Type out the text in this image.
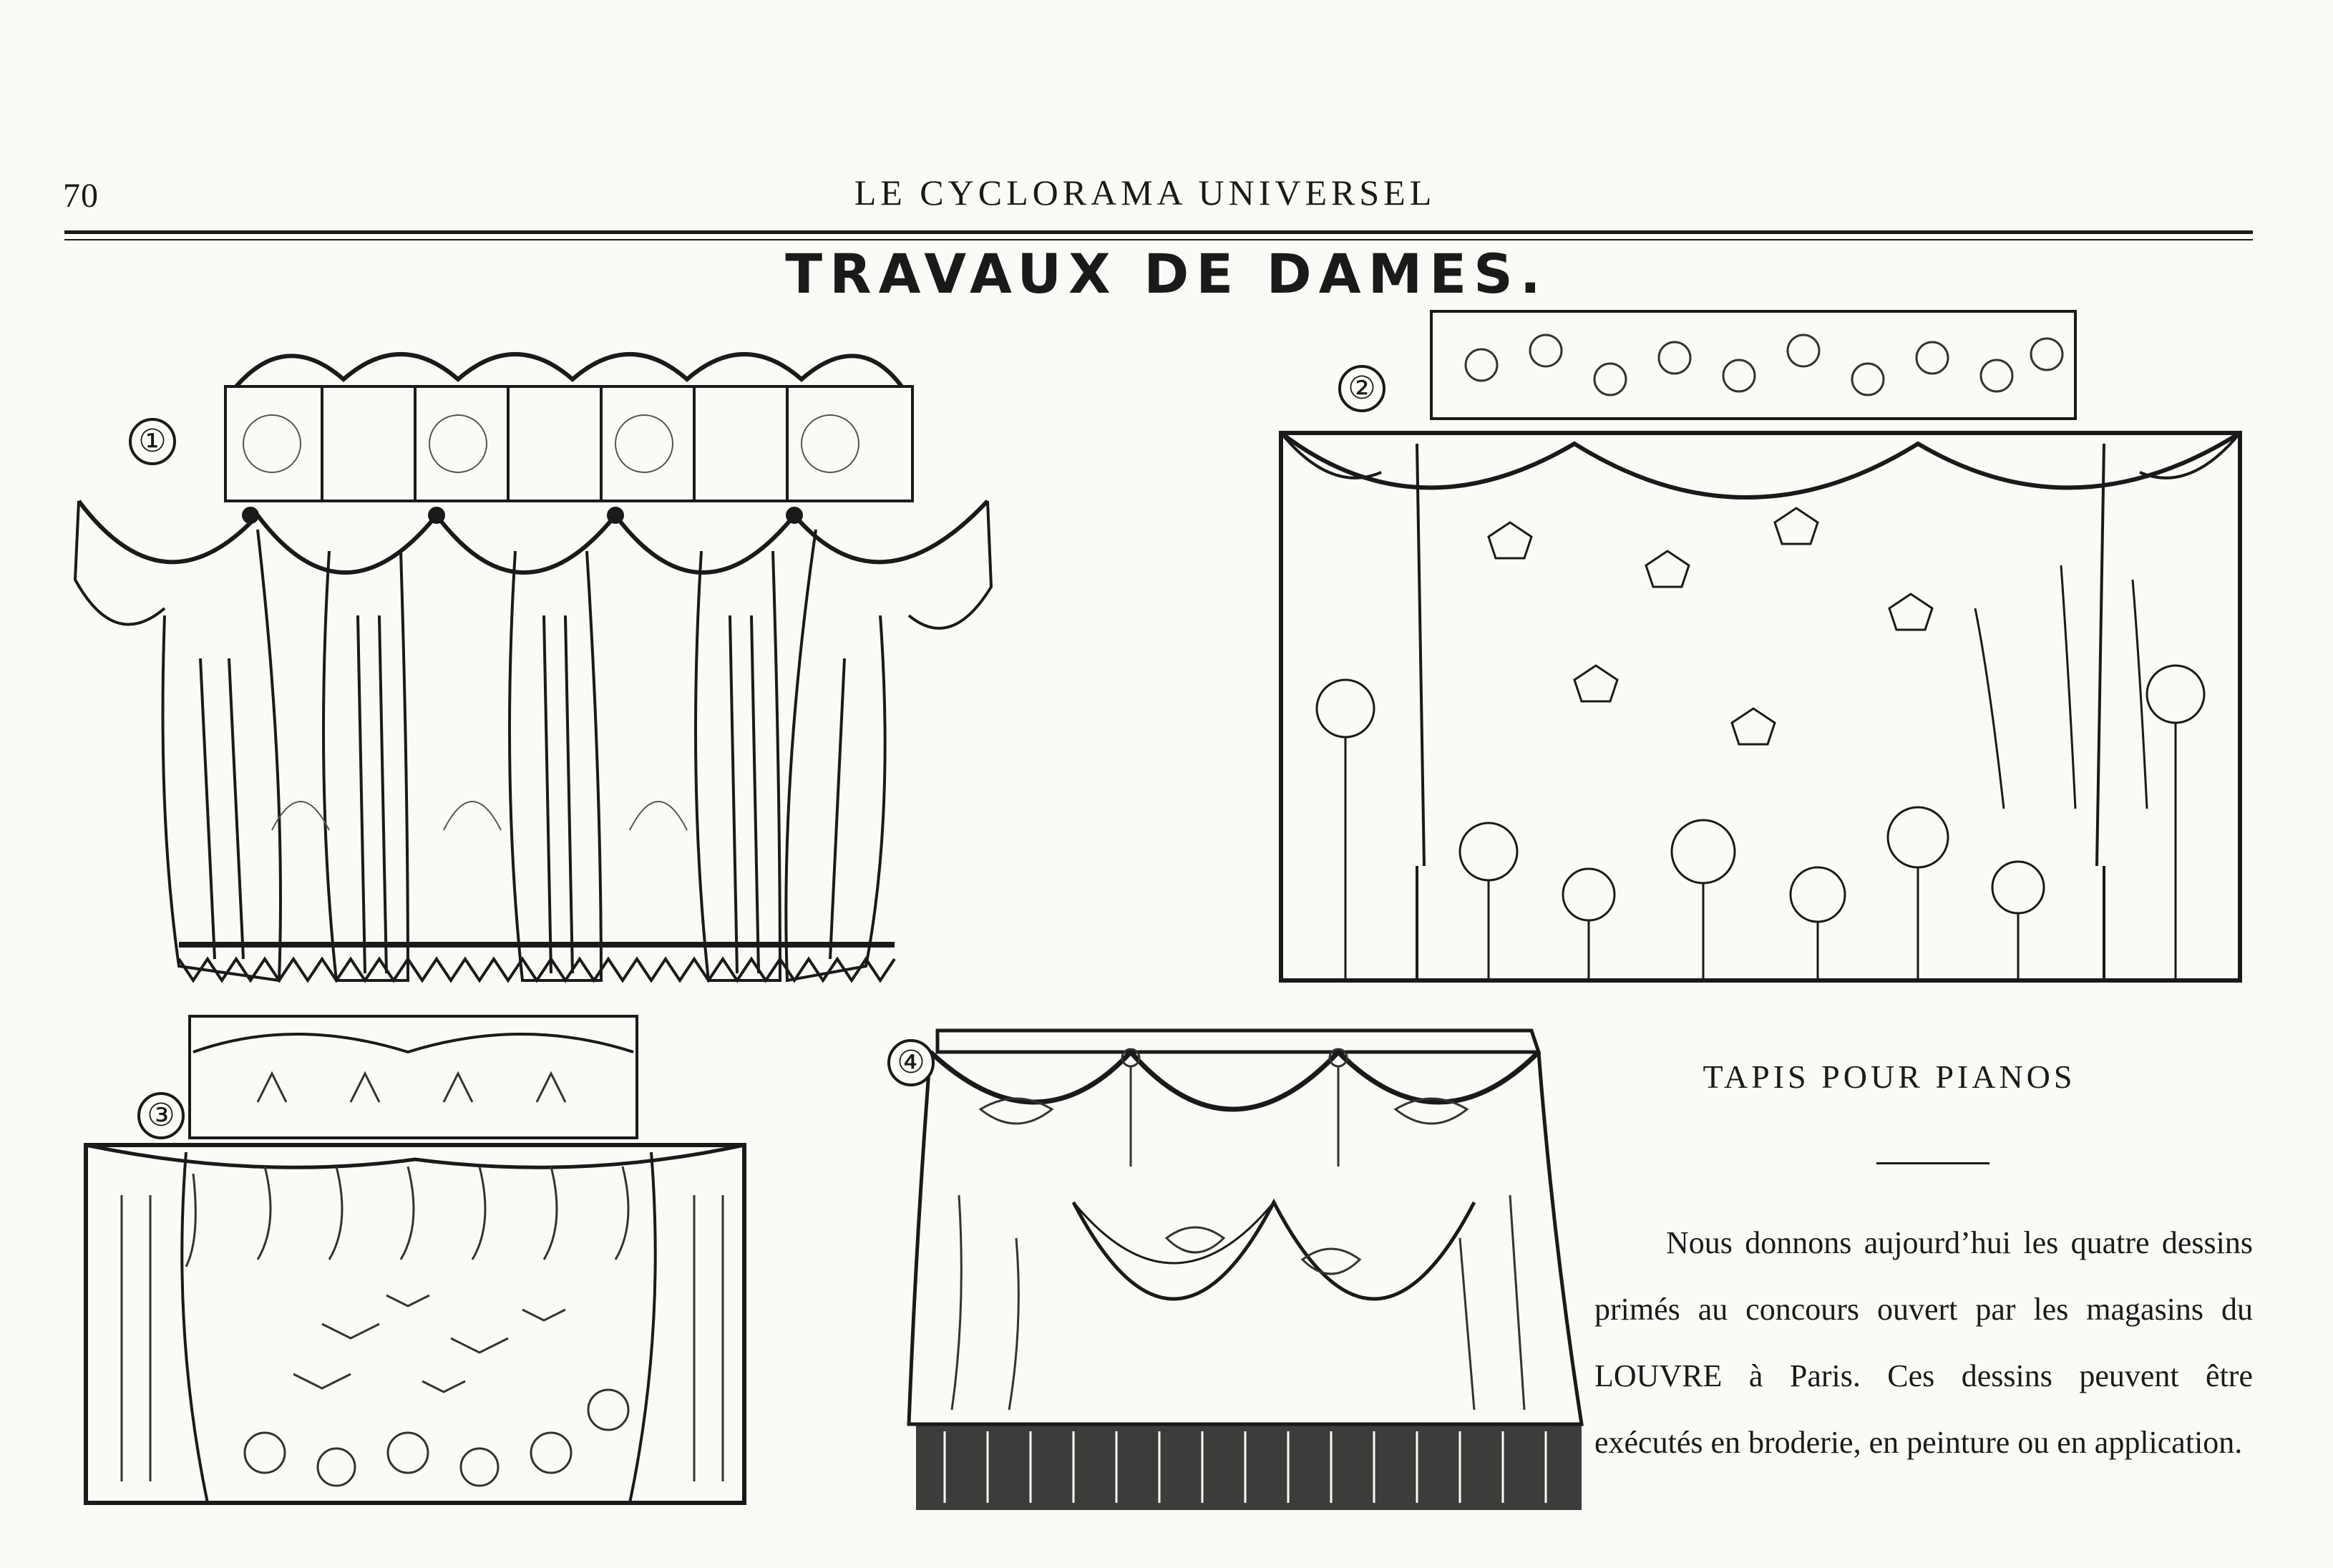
70	LE CYCLORAMA UNIVERSEL
TRAVAUX DE DAMES.
①
②
③
④	TAPIS POUR PIANOS
Nous donnons aujourd’hui les quatre dessins primés au concours ouvert par les magasins du LOUVRE à Paris. Ces dessins peuvent être exécutés en broderie, en peinture ou en application.
